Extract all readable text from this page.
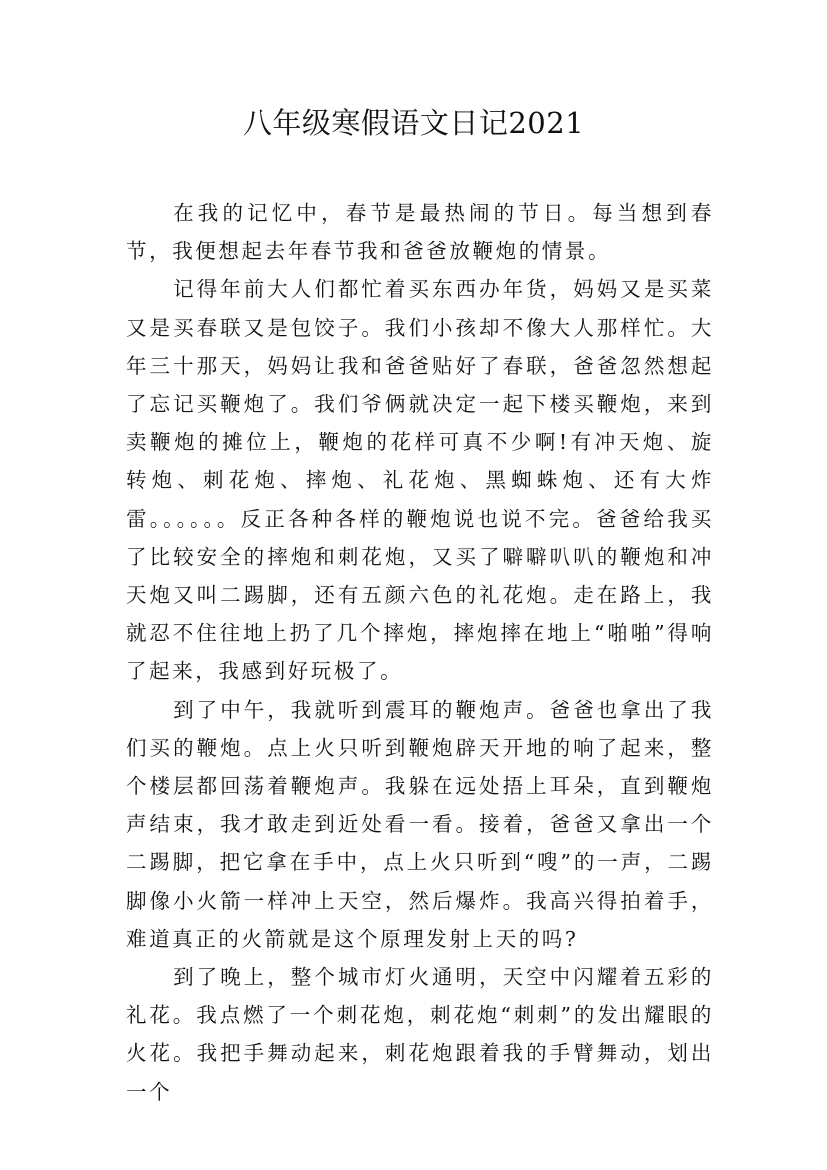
八年级寒假语文日记2021

在我的记忆中，春节是最热闹的节日。每当想到春节，我便想起去年春节我和爸爸放鞭炮的情景。

记得年前大人们都忙着买东西办年货，妈妈又是买菜又是买春联又是包饺子。我们小孩却不像大人那样忙。大年三十那天，妈妈让我和爸爸贴好了春联，爸爸忽然想起了忘记买鞭炮了。我们爷俩就决定一起下楼买鞭炮，来到卖鞭炮的摊位上，鞭炮的花样可真不少啊!有冲天炮、旋转炮、刺花炮、摔炮、礼花炮、黑蜘蛛炮、还有大炸雷。。。。。。反正各种各样的鞭炮说也说不完。爸爸给我买了比较安全的摔炮和刺花炮，又买了噼噼叭叭的鞭炮和冲天炮又叫二踢脚，还有五颜六色的礼花炮。走在路上，我就忍不住往地上扔了几个摔炮，摔炮摔在地上“啪啪”得响了起来，我感到好玩极了。

到了中午，我就听到震耳的鞭炮声。爸爸也拿出了我们买的鞭炮。点上火只听到鞭炮辟天开地的响了起来，整个楼层都回荡着鞭炮声。我躲在远处捂上耳朵，直到鞭炮声结束，我才敢走到近处看一看。接着，爸爸又拿出一个二踢脚，把它拿在手中，点上火只听到“嗖”的一声，二踢脚像小火箭一样冲上天空，然后爆炸。我高兴得拍着手，难道真正的火箭就是这个原理发射上天的吗?

到了晚上，整个城市灯火通明，天空中闪耀着五彩的礼花。我点燃了一个刺花炮，刺花炮“刺刺”的发出耀眼的火花。我把手舞动起来，刺花炮跟着我的手臂舞动，划出一个
